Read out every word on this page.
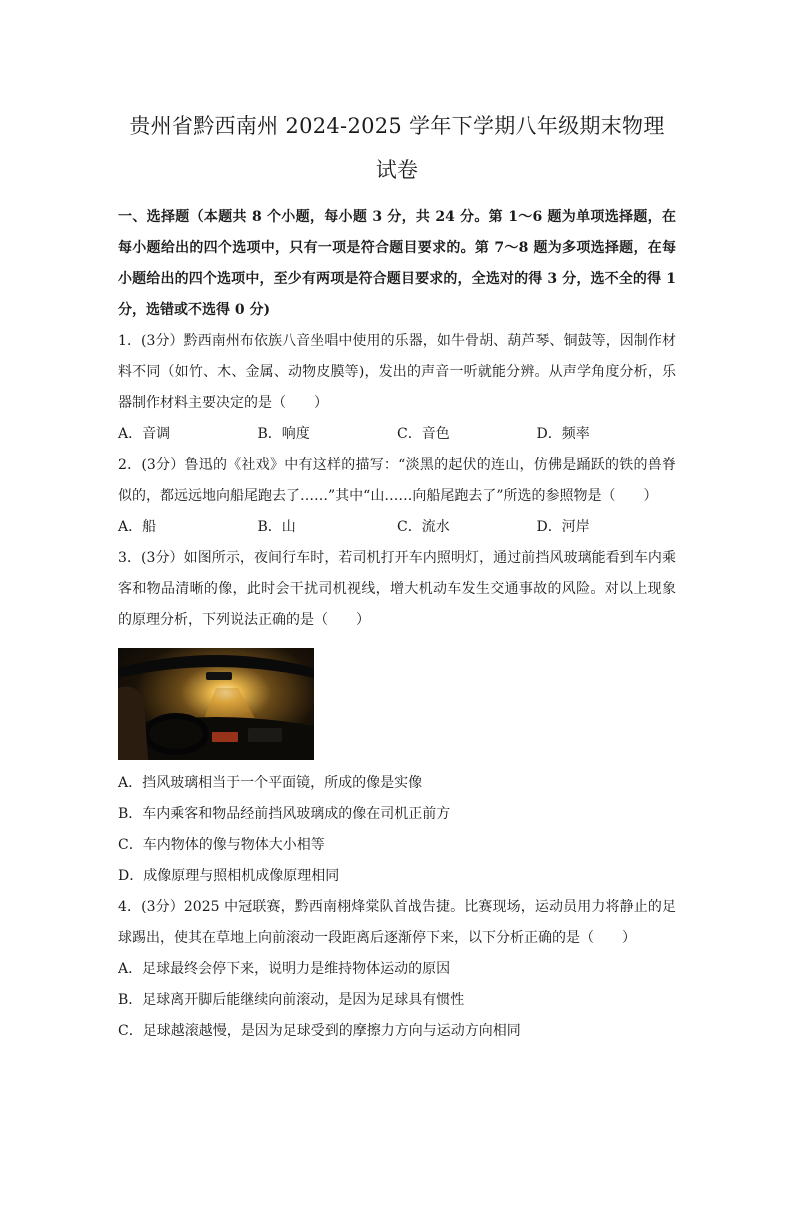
贵州省黔西南州 2024-2025 学年下学期八年级期末物理试卷
一、选择题（本题共 8 个小题，每小题 3 分，共 24 分。第 1～6 题为单项选择题，在每小题给出的四个选项中，只有一项是符合题目要求的。第 7～8 题为多项选择题，在每小题给出的四个选项中，至少有两项是符合题目要求的，全选对的得 3 分，选不全的得 1 分，选错或不选得 0 分)
1．(3分）黔西南州布依族八音坐唱中使用的乐器，如牛骨胡、葫芦琴、铜鼓等，因制作材料不同（如竹、木、金属、动物皮膜等)，发出的声音一听就能分辨。从声学角度分析，乐器制作材料主要决定的是（　　）
A．音调	B．响度	C．音色	D．频率
2．(3分）鲁迅的《社戏》中有这样的描写：“淡黑的起伏的连山，仿佛是踊跃的铁的兽脊似的，都远远地向船尾跑去了……”其中“山……向船尾跑去了”所选的参照物是（　　）
A．船	B．山	C．流水	D．河岸
3．(3分）如图所示，夜间行车时，若司机打开车内照明灯，通过前挡风玻璃能看到车内乘客和物品清晰的像，此时会干扰司机视线，增大机动车发生交通事故的风险。对以上现象的原理分析，下列说法正确的是（　　）
A．挡风玻璃相当于一个平面镜，所成的像是实像
B．车内乘客和物品经前挡风玻璃成的像在司机正前方
C．车内物体的像与物体大小相等
D．成像原理与照相机成像原理相同
4．(3分）2025 中冠联赛，黔西南栩烽棠队首战告捷。比赛现场，运动员用力将静止的足球踢出，使其在草地上向前滚动一段距离后逐渐停下来，以下分析正确的是（　　）
A．足球最终会停下来，说明力是维持物体运动的原因
B．足球离开脚后能继续向前滚动，是因为足球具有惯性
C．足球越滚越慢，是因为足球受到的摩擦力方向与运动方向相同
